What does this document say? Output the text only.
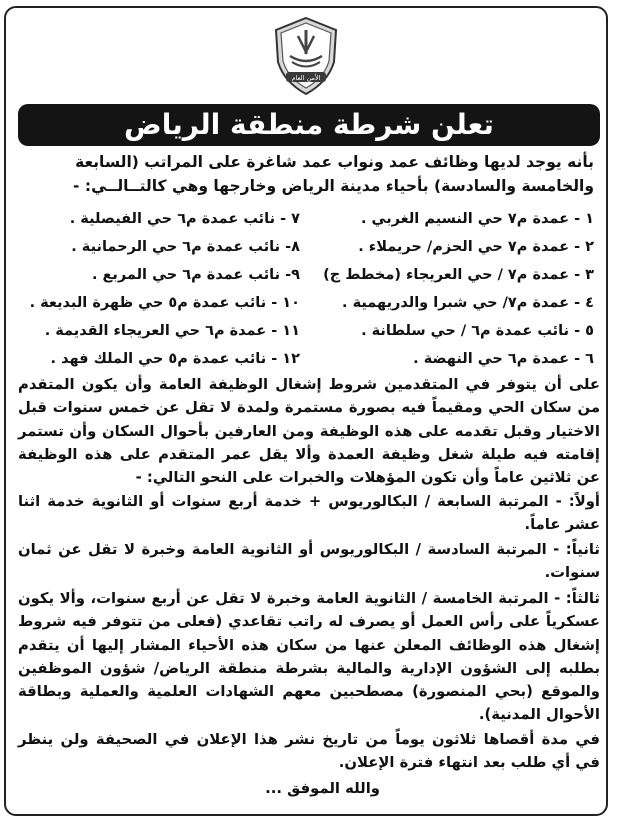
الأمن العام
تعلن شرطة منطقة الرياض
بأنه يوجد لديها وظائف عمد ونواب عمد شاغرة على المراتب (السابعة والخامسة والسادسة) بأحياء مدينة الرياض وخارجها وهي كالتــالــي: -
١ - عمدة م٧ حي النسيم الغربي .
٧ - نائب عمدة م٦ حي الفيصلية .
٢ - عمدة م٧ حي الحزم/ حريملاء .
٨- نائب عمدة م٦ حي الرحمانية .
٣ - عمدة م٧ / حي العريجاء (مخطط ج)
٩- نائب عمدة م٦ حي المربع .
٤ - عمدة م٧/ حي شبرا والدريهمية .
١٠ - نائب عمدة م٥ حي ظهرة البديعة .
٥ - نائب عمدة م٦ / حي سلطانة .
١١ - عمدة م٦ حي العريجاء القديمة .
٦ - عمدة م٦ حي النهضة .
١٢ - نائب عمدة م٥ حي الملك فهد .
على أن يتوفر في المتقدمين شروط إشغال الوظيفة العامة وأن يكون المتقدم من سكان الحي ومقيماً فيه بصورة مستمرة ولمدة لا تقل عن خمس سنوات قبل الاختيار وقبل تقدمه على هذه الوظيفة ومن العارفين بأحوال السكان وأن تستمر إقامته فيه طيلة شغل وظيفة العمدة وألا يقل عمر المتقدم على هذه الوظيفة عن ثلاثين عاماً وأن تكون المؤهلات والخبرات على النحو التالي: -
أولاً: - المرتبة السابعة / البكالوريوس + خدمة أربع سنوات أو الثانوية خدمة اثنا عشر عاماً.
ثانياً: - المرتبة السادسة / البكالوريوس أو الثانوية العامة وخبرة لا تقل عن ثمان سنوات.
ثالثاً: - المرتبة الخامسة / الثانوية العامة وخبرة لا تقل عن أربع سنوات، وألا يكون عسكرياً على رأس العمل أو يصرف له راتب تقاعدي (فعلى من تتوفر فيه شروط إشغال هذه الوظائف المعلن عنها من سكان هذه الأحياء المشار إليها أن يتقدم بطلبه إلى الشؤون الإدارية والمالية بشرطة منطقة الرياض/ شؤون الموظفين والموقع (بحي المنصورة) مصطحبين معهم الشهادات العلمية والعملية وبطاقة الأحوال المدنية).
في مدة أقصاها ثلاثون يوماً من تاريخ نشر هذا الإعلان في الصحيفة ولن ينظر في أي طلب بعد انتهاء فترة الإعلان.
والله الموفق ...
